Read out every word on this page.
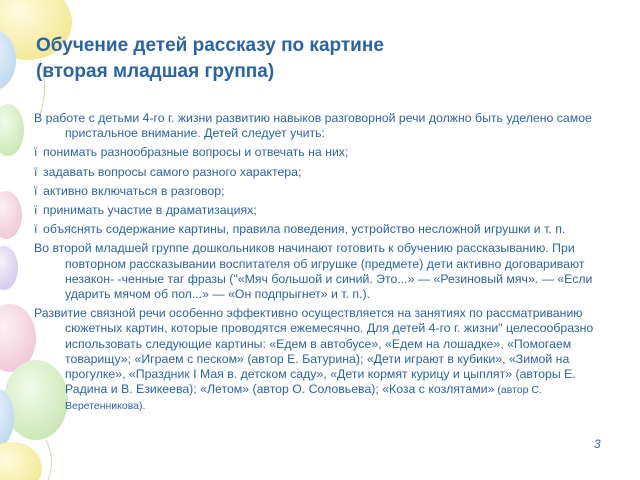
Обучение детей рассказу по картине
(вторая младшая группа)

В работе с детьми 4-го г. жизни развитию навыков разговорной речи должно быть уделено самое пристальное внимание. Детей следует учить:

ї понимать разнообразные вопросы и отвечать на них;

ї задавать вопросы самого разного характера;

ї активно включаться в разговор;

ї принимать участие в драматизациях;

ї объяснять содержание картины, правила поведения, устройство несложной игрушки и т. п.

Во второй младшей группе дошкольников начинают готовить к обучению рассказыванию. При повторном рассказывании воспитателя об игрушке (предмете) дети активно договаривают незакон- -ченные таг фразы ("«Мяч большой и синий. Это...» — «Резиновый мяч». — «Если ударить мячом об пол...» — «Он подпрыгнет» и т. п.).

Развитие связной речи особенно эффективно осуществляется на занятиях по рассматриванию сюжетных картин, которые проводятся ежемесячно. Для детей 4-го г. жизни" целесообразно использовать следующие картины: «Едем в автобусе», «Едем на лошадке», «Помогаем товарищу»; «Играем с песком» (автор Е. Батурина); «Дети играют в кубики», «Зимой на прогулке», «Праздник I Мая в. детском саду», «Дети кормят курицу и цыплят» (авторы Е. Радина и В. Езикеева); «Летом» (автор О. Соловьева); «Коза с козлятами» (автор С. Веретенникова).

3
